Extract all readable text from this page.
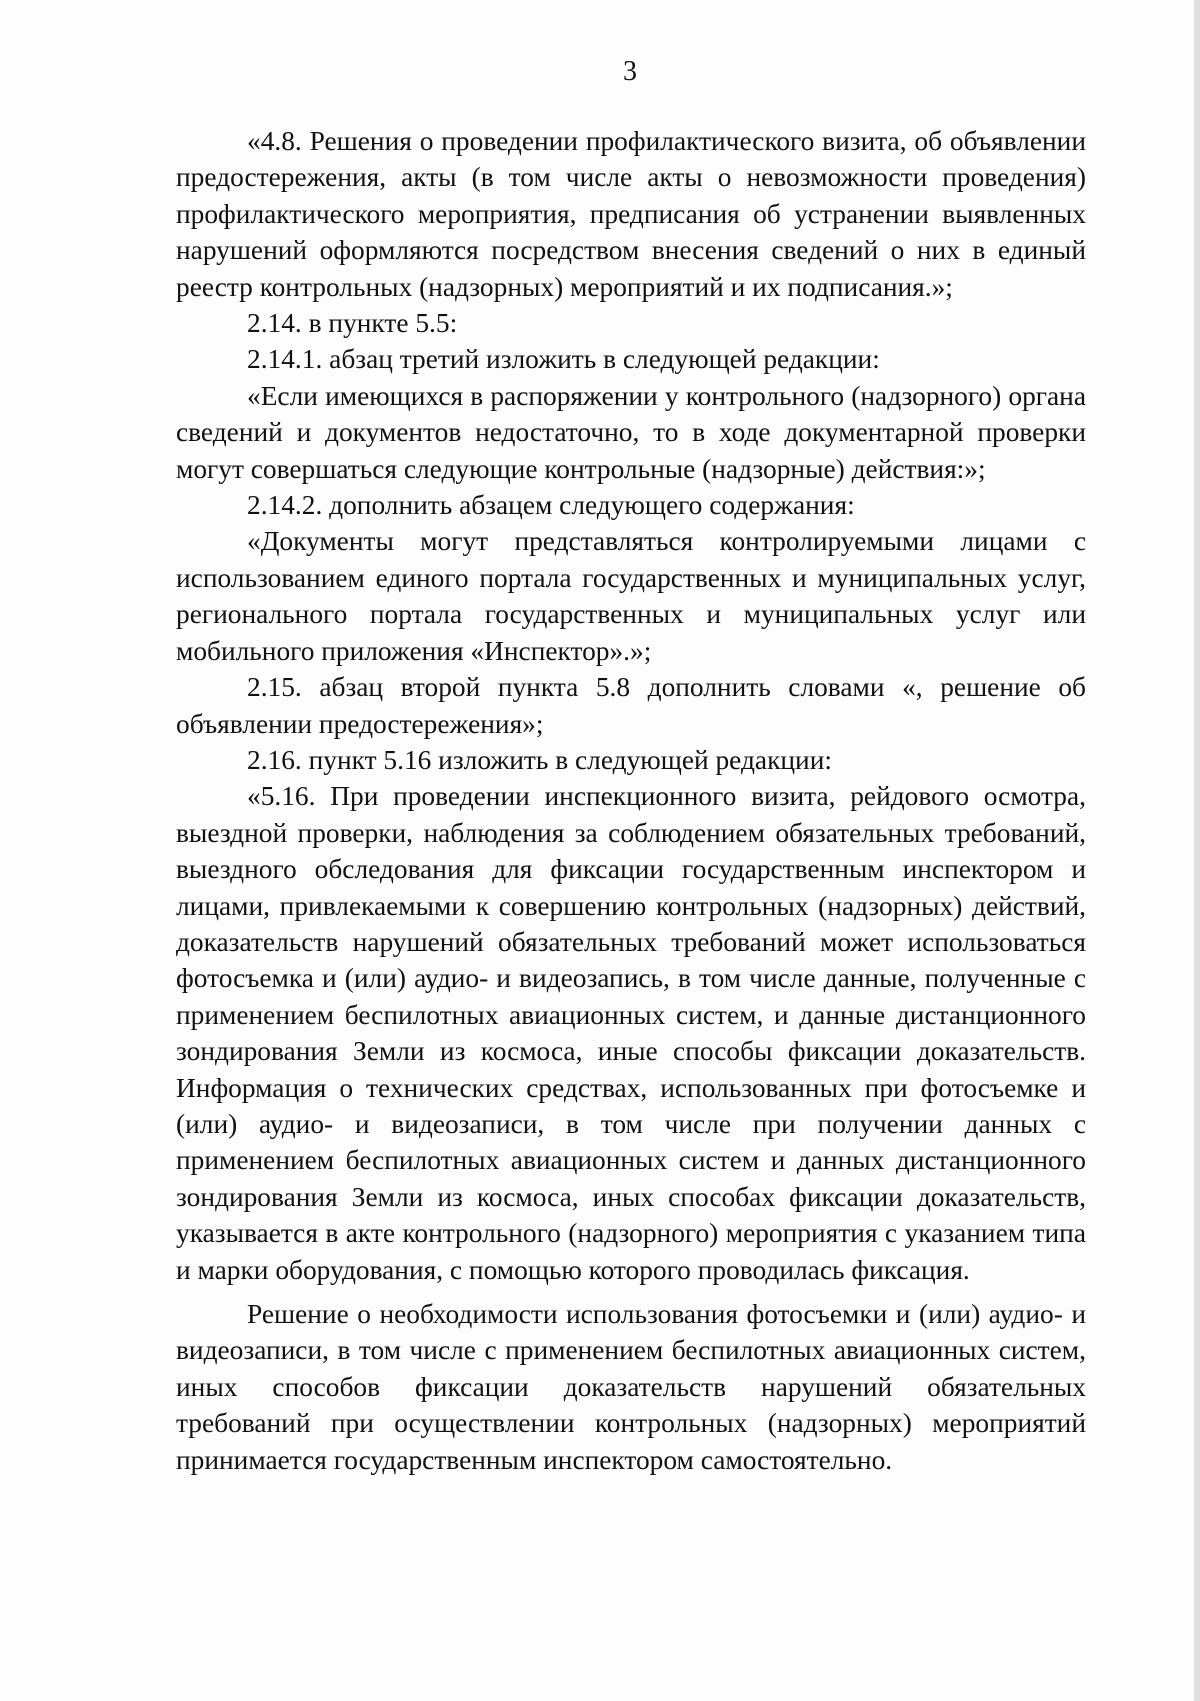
3

«4.8. Решения о проведении профилактического визита, об объявлении предостережения, акты (в том числе акты о невозможности проведения) профилактического мероприятия, предписания об устранении выявленных нарушений оформляются посредством внесения сведений о них в единый реестр контрольных (надзорных) мероприятий и их подписания.»;

2.14. в пункте 5.5:

2.14.1. абзац третий изложить в следующей редакции:

«Если имеющихся в распоряжении у контрольного (надзорного) органа сведений и документов недостаточно, то в ходе документарной проверки могут совершаться следующие контрольные (надзорные) действия:»;

2.14.2. дополнить абзацем следующего содержания:

«Документы могут представляться контролируемыми лицами с использованием единого портала государственных и муниципальных услуг, регионального портала государственных и муниципальных услуг или мобильного приложения «Инспектор».»;

2.15. абзац второй пункта 5.8 дополнить словами «, решение об объявлении предостережения»;

2.16. пункт 5.16 изложить в следующей редакции:

«5.16. При проведении инспекционного визита, рейдового осмотра, выездной проверки, наблюдения за соблюдением обязательных требований, выездного обследования для фиксации государственным инспектором и лицами, привлекаемыми к совершению контрольных (надзорных) действий, доказательств нарушений обязательных требований может использоваться фотосъемка и (или) аудио- и видеозапись, в том числе данные, полученные с применением беспилотных авиационных систем, и данные дистанционного зондирования Земли из космоса, иные способы фиксации доказательств. Информация о технических средствах, использованных при фотосъемке и (или) аудио- и видеозаписи, в том числе при получении данных с применением беспилотных авиационных систем и данных дистанционного зондирования Земли из космоса, иных способах фиксации доказательств, указывается в акте контрольного (надзорного) мероприятия с указанием типа и марки оборудования, с помощью которого проводилась фиксация.

Решение о необходимости использования фотосъемки и (или) аудио- и видеозаписи, в том числе с применением беспилотных авиационных систем, иных способов фиксации доказательств нарушений обязательных требований при осуществлении контрольных (надзорных) мероприятий принимается государственным инспектором самостоятельно.
